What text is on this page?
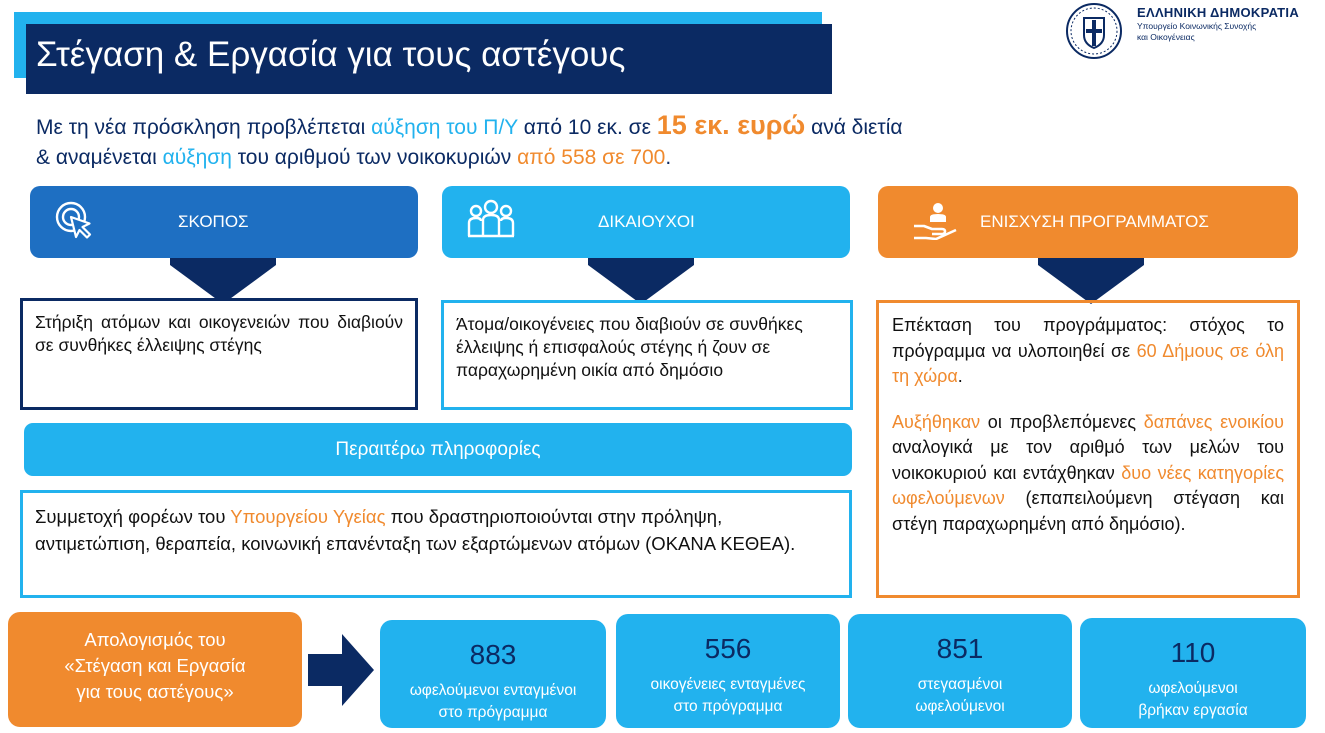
Στέγαση & Εργασία για τους αστέγους
ΕΛΛΗΝΙΚΗ ΔΗΜΟΚΡΑΤΙΑ
Υπουργείο Κοινωνικής Συνοχής
και Οικογένειας
Με τη νέα πρόσκληση προβλέπεται αύξηση του Π/Υ από 10 εκ. σε 15 εκ. ευρώ ανά διετία
& αναμένεται αύξηση του αριθμού των νοικοκυριών από 558 σε 700.
ΣΚΟΠΟΣ	ΔΙΚΑΙΟΥΧΟΙ	ΕΝΙΣΧΥΣΗ ΠΡΟΓΡΑΜΜΑΤΟΣ
Στήριξη ατόμων και οικογενειών που διαβιούν σε συνθήκες έλλειψης στέγης
Άτομα/οικογένειες που διαβιούν σε συνθήκες έλλειψης ή επισφαλούς στέγης ή ζουν σε παραχωρημένη οικία από δημόσιο

Επέκταση του προγράμματος: στόχος το πρόγραμμα να υλοποιηθεί σε 60 Δήμους σε όλη τη χώρα.

Αυξήθηκαν οι προβλεπόμενες δαπάνες ενοικίου αναλογικά με τον αριθμό των μελών του νοικοκυριού και εντάχθηκαν δυο νέες κατηγορίες ωφελούμενων (επαπειλούμενη στέγαση και στέγη παραχωρημένη από δημόσιο).

Περαιτέρω πληροφορίες
Συμμετοχή φορέων του Υπουργείου Υγείας που δραστηριοποιούνται στην πρόληψη, αντιμετώπιση, θεραπεία, κοινωνική επανένταξη των εξαρτώμενων ατόμων (ΟΚΑΝΑ ΚΕΘΕΑ).
Απολογισμός του
«Στέγαση και Εργασία
για τους αστέγους»
883
ωφελούμενοι ενταγμένοι
στο πρόγραμμα
556
οικογένειες ενταγμένες
στο πρόγραμμα
851
στεγασμένοι
ωφελούμενοι
110
ωφελούμενοι
βρήκαν εργασία
